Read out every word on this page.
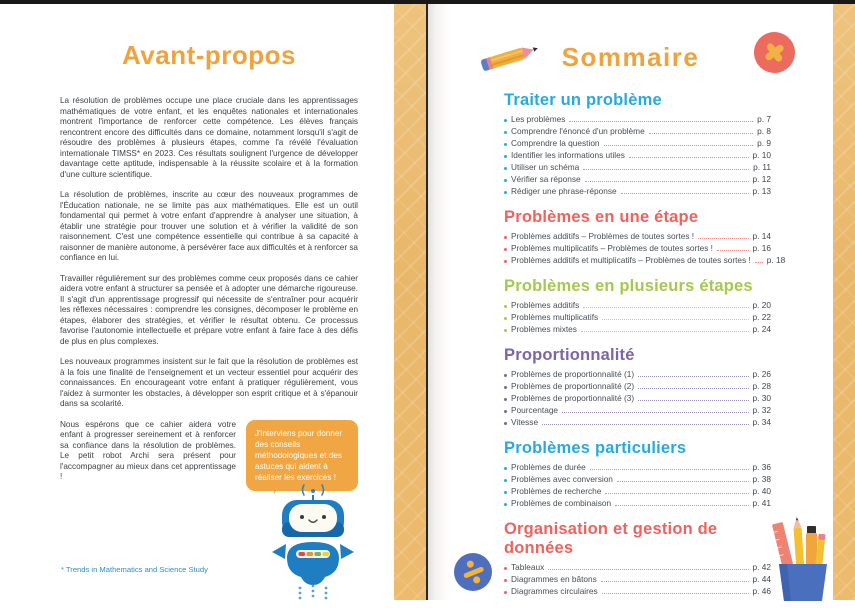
Avant-propos

La résolution de problèmes occupe une place cruciale dans les apprentissages mathématiques de votre enfant, et les enquêtes nationales et internationales montrent l'importance de renforcer cette compétence. Les élèves français rencontrent encore des difficultés dans ce domaine, notamment lorsqu'il s'agit de résoudre des problèmes à plusieurs étapes, comme l'a révélé l'évaluation internationale TIMSS* en 2023. Ces résultats soulignent l'urgence de développer davantage cette aptitude, indispensable à la réussite scolaire et à la formation d'une culture scientifique.

La résolution de problèmes, inscrite au cœur des nouveaux programmes de l'Éducation nationale, ne se limite pas aux mathématiques. Elle est un outil fondamental qui permet à votre enfant d'apprendre à analyser une situation, à établir une stratégie pour trouver une solution et à vérifier la validité de son raisonnement. C'est une compétence essentielle qui contribue à sa capacité à raisonner de manière autonome, à persévérer face aux difficultés et à renforcer sa confiance en lui.

Travailler régulièrement sur des problèmes comme ceux proposés dans ce cahier aidera votre enfant à structurer sa pensée et à adopter une démarche rigoureuse. Il s'agit d'un apprentissage progressif qui nécessite de s'entraîner pour acquérir les réflexes nécessaires : comprendre les consignes, décomposer le problème en étapes, élaborer des stratégies, et vérifier le résultat obtenu. Ce processus favorise l'autonomie intellectuelle et prépare votre enfant à faire face à des défis de plus en plus complexes.

Les nouveaux programmes insistent sur le fait que la résolution de problèmes est à la fois une finalité de l'enseignement et un vecteur essentiel pour acquérir des connaissances. En encourageant votre enfant à pratiquer régulièrement, vous l'aidez à surmonter les obstacles, à développer son esprit critique et à s'épanouir dans sa scolarité.

Nous espérons que ce cahier aidera votre enfant à progresser sereinement et à renforcer sa confiance dans la résolution de problèmes. Le petit robot Archi sera présent pour l'accompagner au mieux dans cet apprentissage !

J'interviens pour donner des conseils méthodologiques et des astuces qui aident à réaliser les exercices !
* Trends in Mathematics and Science Study
Sommaire
Traiter un problème
Les problèmes	p. 7
Comprendre l'énoncé d'un problème	p. 8
Comprendre la question	p. 9
Identifier les informations utiles	p. 10
Utiliser un schéma	p. 11
Vérifier sa réponse	p. 12
Rédiger une phrase-réponse	p. 13
Problèmes en une étape
Problèmes additifs – Problèmes de toutes sortes !	p. 14
Problèmes multiplicatifs – Problèmes de toutes sortes !	p. 16
Problèmes additifs et multiplicatifs – Problèmes de toutes sortes ! p. 18
Problèmes en plusieurs étapes
Problèmes additifs	p. 20
Problèmes multiplicatifs	p. 22
Problèmes mixtes	p. 24
Proportionnalité
Problèmes de proportionnalité (1)	p. 26
Problèmes de proportionnalité (2)	p. 28
Problèmes de proportionnalité (3)	p. 30
Pourcentage	p. 32
Vitesse	p. 34
Problèmes particuliers
Problèmes de durée	p. 36
Problèmes avec conversion	p. 38
Problèmes de recherche	p. 40
Problèmes de combinaison	p. 41
Organisation et gestion de données
Tableaux	p. 42
Diagrammes en bâtons	p. 44
Diagrammes circulaires	p. 46
